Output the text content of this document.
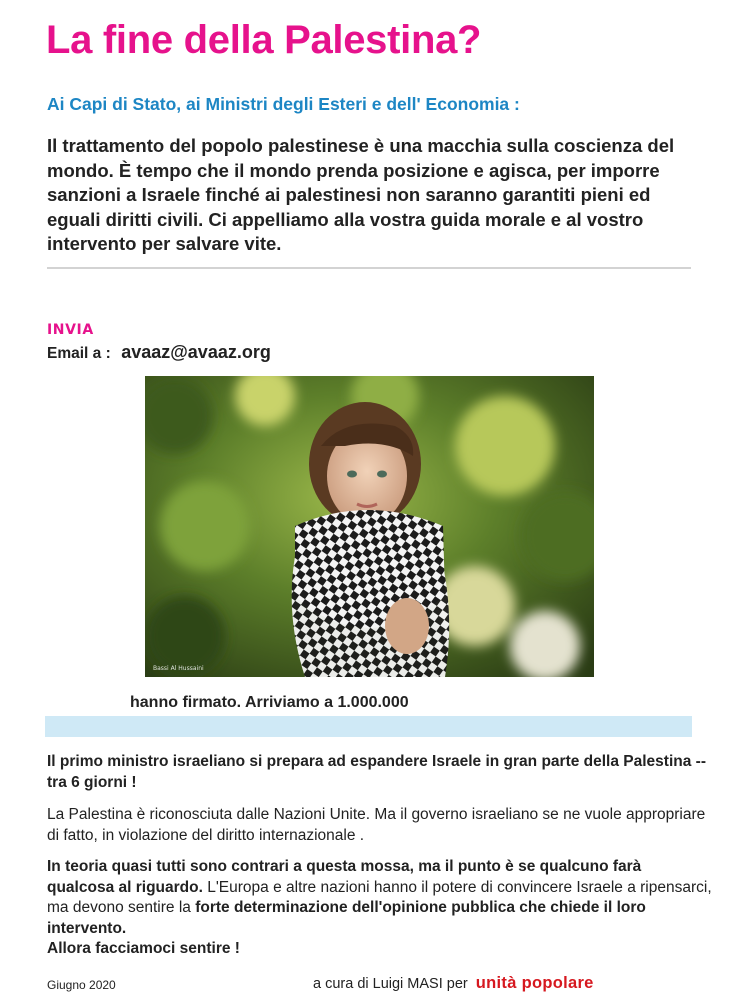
La fine della Palestina?
Ai Capi di Stato, ai Ministri degli Esteri e dell' Economia :
Il trattamento del popolo palestinese è una macchia sulla coscienza del mondo. È tempo che il mondo prenda posizione e agisca, per imporre sanzioni a Israele finché ai palestinesi non saranno garantiti pieni ed eguali diritti civili. Ci appelliamo alla vostra guida morale e al vostro intervento per salvare vite.
INVIA
Email a : avaaz@avaaz.org
Bassi Al Hussaini
hanno firmato. Arriviamo a 1.000.000
Il primo ministro israeliano si prepara ad espandere Israele in gran parte della Palestina -- tra 6 giorni !
La Palestina è riconosciuta dalle Nazioni Unite. Ma il governo israeliano se ne vuole appropriare di fatto, in violazione del diritto internazionale .
In teoria quasi tutti sono contrari a questa mossa, ma il punto è se qualcuno farà qualcosa al riguardo. L'Europa e altre nazioni hanno il potere di convincere Israele a ripensarci, ma devono sentire la forte determinazione dell'opinione pubblica che chiede il loro intervento.
Allora facciamoci sentire !
Giugno 2020	a cura di Luigi MASI per unità popolare
